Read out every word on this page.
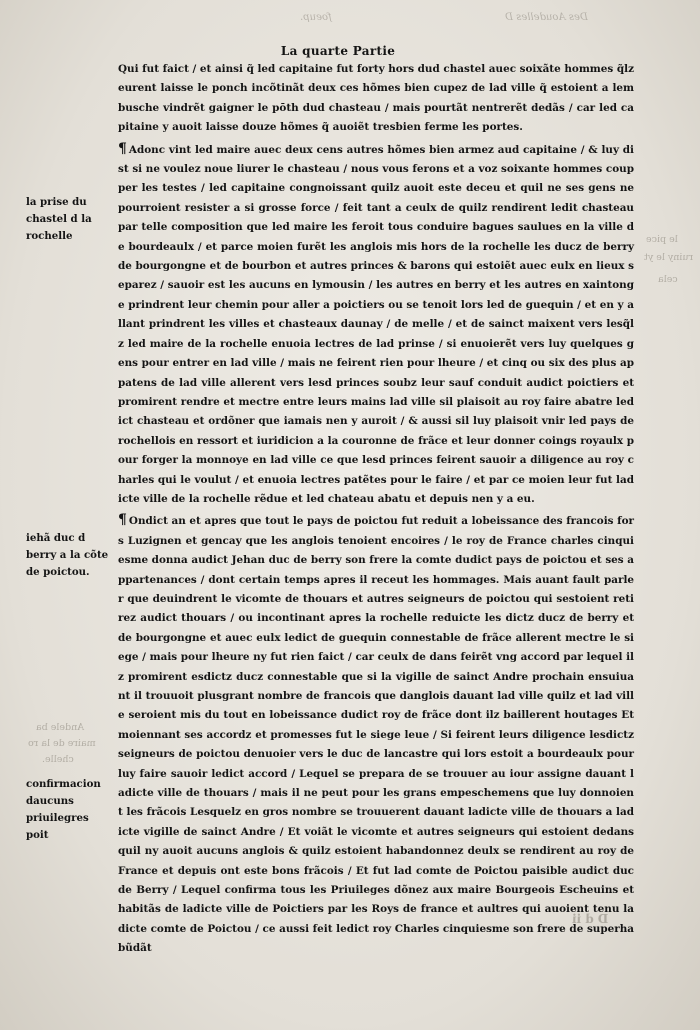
foeup.	Des Aoudelles D
La quarte Partie

Qui fut faict / et ainsi q̃ led capitaine fut forty hors dud chastel auec soixãte hommes q̃lz eurent laisse le ponch incõtinãt deux ces hõmes bien cupez de lad ville q̃ estoient a lembusche vindrẽt gaigner le pōth dud chasteau / mais pourtãt nentrerẽt dedãs / car led capitaine y auoit laisse douze hõmes q̃ auoiẽt tresbien ferme les portes.

¶ Adonc vint led maire auec deux cens autres hõmes bien armez aud capitaine / & luy dist si ne voulez noue liurer le chasteau / nous vous ferons et a voz soixante hommes coupper les testes / led capitaine congnoissant quilz auoit este deceu et quil ne ses gens ne pourroient resister a si grosse force / feit tant a ceulx de quilz rendirent ledit chasteau par telle composition que led maire les feroit tous conduire bagues saulues en la ville de bourdeaulx / et parce moien furẽt les anglois mis hors de la rochelle les ducz de berry de bourgongne et de bourbon et autres princes & barons qui estoiẽt auec eulx en lieux separez / sauoir est les aucuns en lymousin / les autres en berry et les autres en xaintonge prindrent leur chemin pour aller a poictiers ou se tenoit lors led de guequin / et en y allant prindrent les villes et chasteaux daunay / de melle / et de sainct maixent vers lesq̃lz led maire de la rochelle enuoia lectres de lad prinse / si enuoierẽt vers luy quelques gens pour entrer en lad ville / mais ne feirent rien pour lheure / et cinq ou six des plus appatens de lad ville allerent vers lesd princes soubz leur sauf conduit audict poictiers et promirent rendre et mectre entre leurs mains lad ville sil plaisoit au roy faire abatre ledict chasteau et ordõner que iamais nen y auroit / & aussi sil luy plaisoit vnir led pays de rochellois en ressort et iuridicion a la couronne de frãce et leur donner coings royaulx pour forger la monnoye en lad ville ce que lesd princes feirent sauoir a diligence au roy charles qui le voulut / et enuoia lectres patẽtes pour le faire / et par ce moien leur fut ladicte ville de la rochelle rẽdue et led chateau abatu et depuis nen y a eu.

¶ Ondict an et apres que tout le pays de poictou fut reduit a lobeissance des francois fors Luzignen et gencay que les anglois tenoient encoires / le roy de France charles cinquiesme donna audict Jehan duc de berry son frere la comte dudict pays de poictou et ses appartenances / dont certain temps apres il receut les hommages. Mais auant fault parler que deuindrent le vicomte de thouars et autres seigneurs de poictou qui sestoient retirez audict thouars / ou incontinant apres la rochelle reduicte les dictz ducz de berry et de bourgongne et auec eulx ledict de guequin connestable de frãce allerent mectre le siege / mais pour lheure ny fut rien faict / car ceulx de dans feirẽt vng accord par lequel ilz promirent esdictz ducz connestable que si la vigille de sainct Andre prochain ensuiuant il trouuoit plusgrant nombre de francois que danglois dauant lad ville quilz et lad ville seroient mis du tout en lobeissance dudict roy de frãce dont ilz baillerent houtages Et moiennant ses accordz et promesses fut le siege leue / Si feirent leurs diligence lesdictz seigneurs de poictou denuoier vers le duc de lancastre qui lors estoit a bourdeaulx pour luy faire sauoir ledict accord / Lequel se prepara de se trouuer au iour assigne dauant ladicte ville de thouars / mais il ne peut pour les grans empeschemens que luy donnoient les frãcois Lesquelz en gros nombre se trouuerent dauant ladicte ville de thouars a ladicte vigille de sainct Andre / Et voiãt le vicomte et autres seigneurs qui estoient dedans quil ny auoit aucuns anglois & quilz estoient habandonnez deulx se rendirent au roy de France et depuis ont este bons frãcois / Et fut lad comte de Poictou paisible audict duc de Berry / Lequel confirma tous les Priuileges dõnez aux maire Bourgeois Escheuins et habitãs de ladicte ville de Poictiers par les Roys de france et aultres qui auoient tenu ladicte comte de Poictou / ce aussi feit ledict roy Charles cinquiesme son frere de superhabũdãt

la prise du chastel d la rochelle
iehã duc d berry a la cõte de poictou.
confirmacion daucuns priuilegres poit
le pice
ruiny le yt
cela
Andele ba
maire de la ro
chelle.
D d ii
